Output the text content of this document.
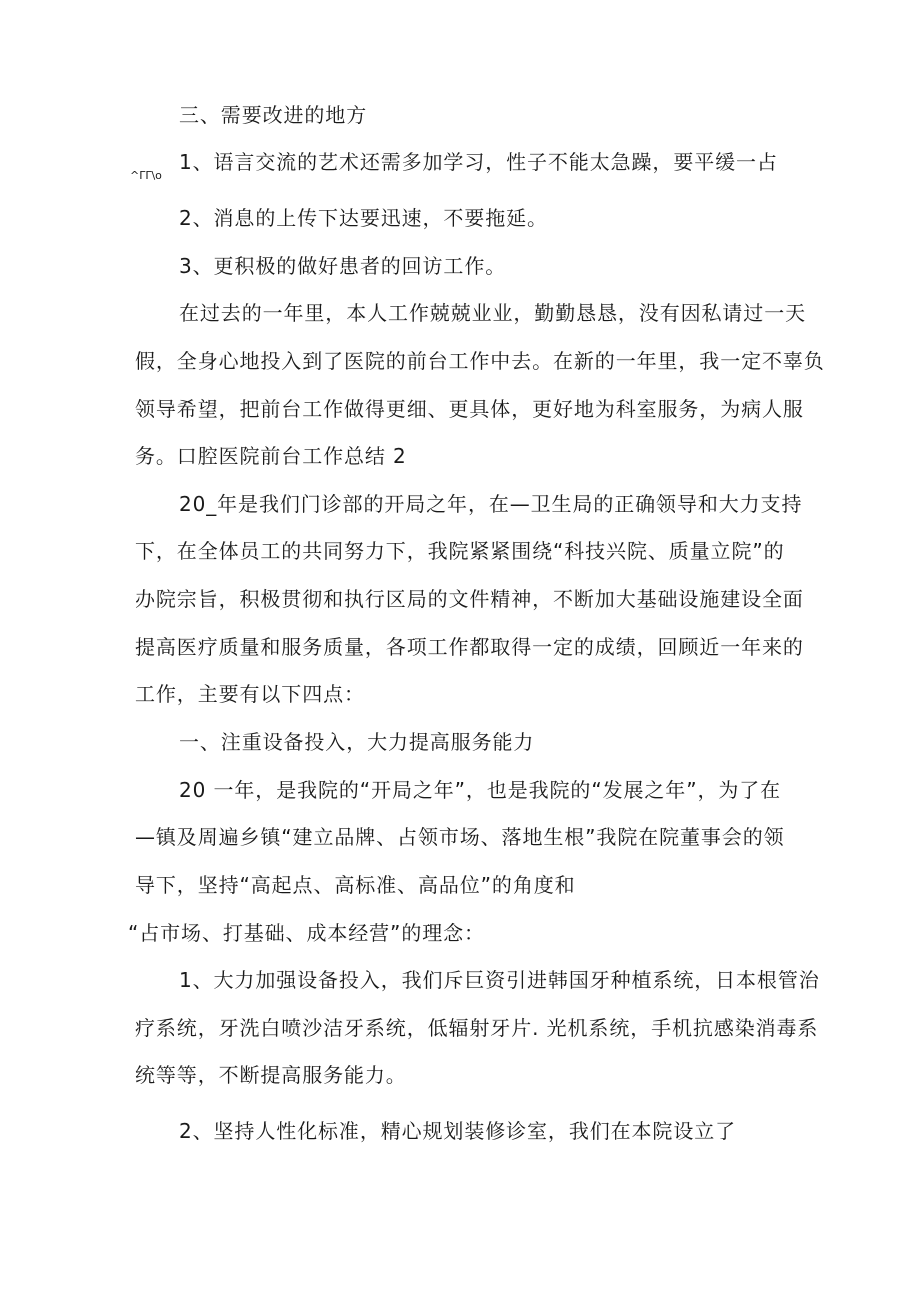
三、需要改进的地方

1、语言交流的艺术还需多加学习，性子不能太急躁，要平缓一占

^ΓΓ\o

2、消息的上传下达要迅速，不要拖延。

3、更积极的做好患者的回访工作。

在过去的一年里，本人工作兢兢业业，勤勤恳恳，没有因私请过一天

假，全身心地投入到了医院的前台工作中去。在新的一年里，我一定不辜负

领导希望，把前台工作做得更细、更具体，更好地为科室服务，为病人服

务。口腔医院前台工作总结 2

20_年是我们门诊部的开局之年，在—卫生局的正确领导和大力支持

下，在全体员工的共同努力下，我院紧紧围绕“科技兴院、质量立院”的

办院宗旨，积极贯彻和执行区局的文件精神，不断加大基础设施建设全面

提高医疗质量和服务质量，各项工作都取得一定的成绩，回顾近一年来的

工作，主要有以下四点：

一、注重设备投入，大力提高服务能力

20 一年，是我院的“开局之年”，也是我院的“发展之年”，为了在

—镇及周遍乡镇“建立品牌、占领市场、落地生根”我院在院董事会的领

导下，坚持“高起点、高标准、高品位”的角度和

“占市场、打基础、成本经营”的理念：

1、大力加强设备投入，我们斥巨资引进韩国牙种植系统，日本根管治

疗系统，牙洗白喷沙洁牙系统，低辐射牙片. 光机系统，手机抗感染消毒系

统等等，不断提高服务能力。

2、坚持人性化标准，精心规划装修诊室，我们在本院设立了
